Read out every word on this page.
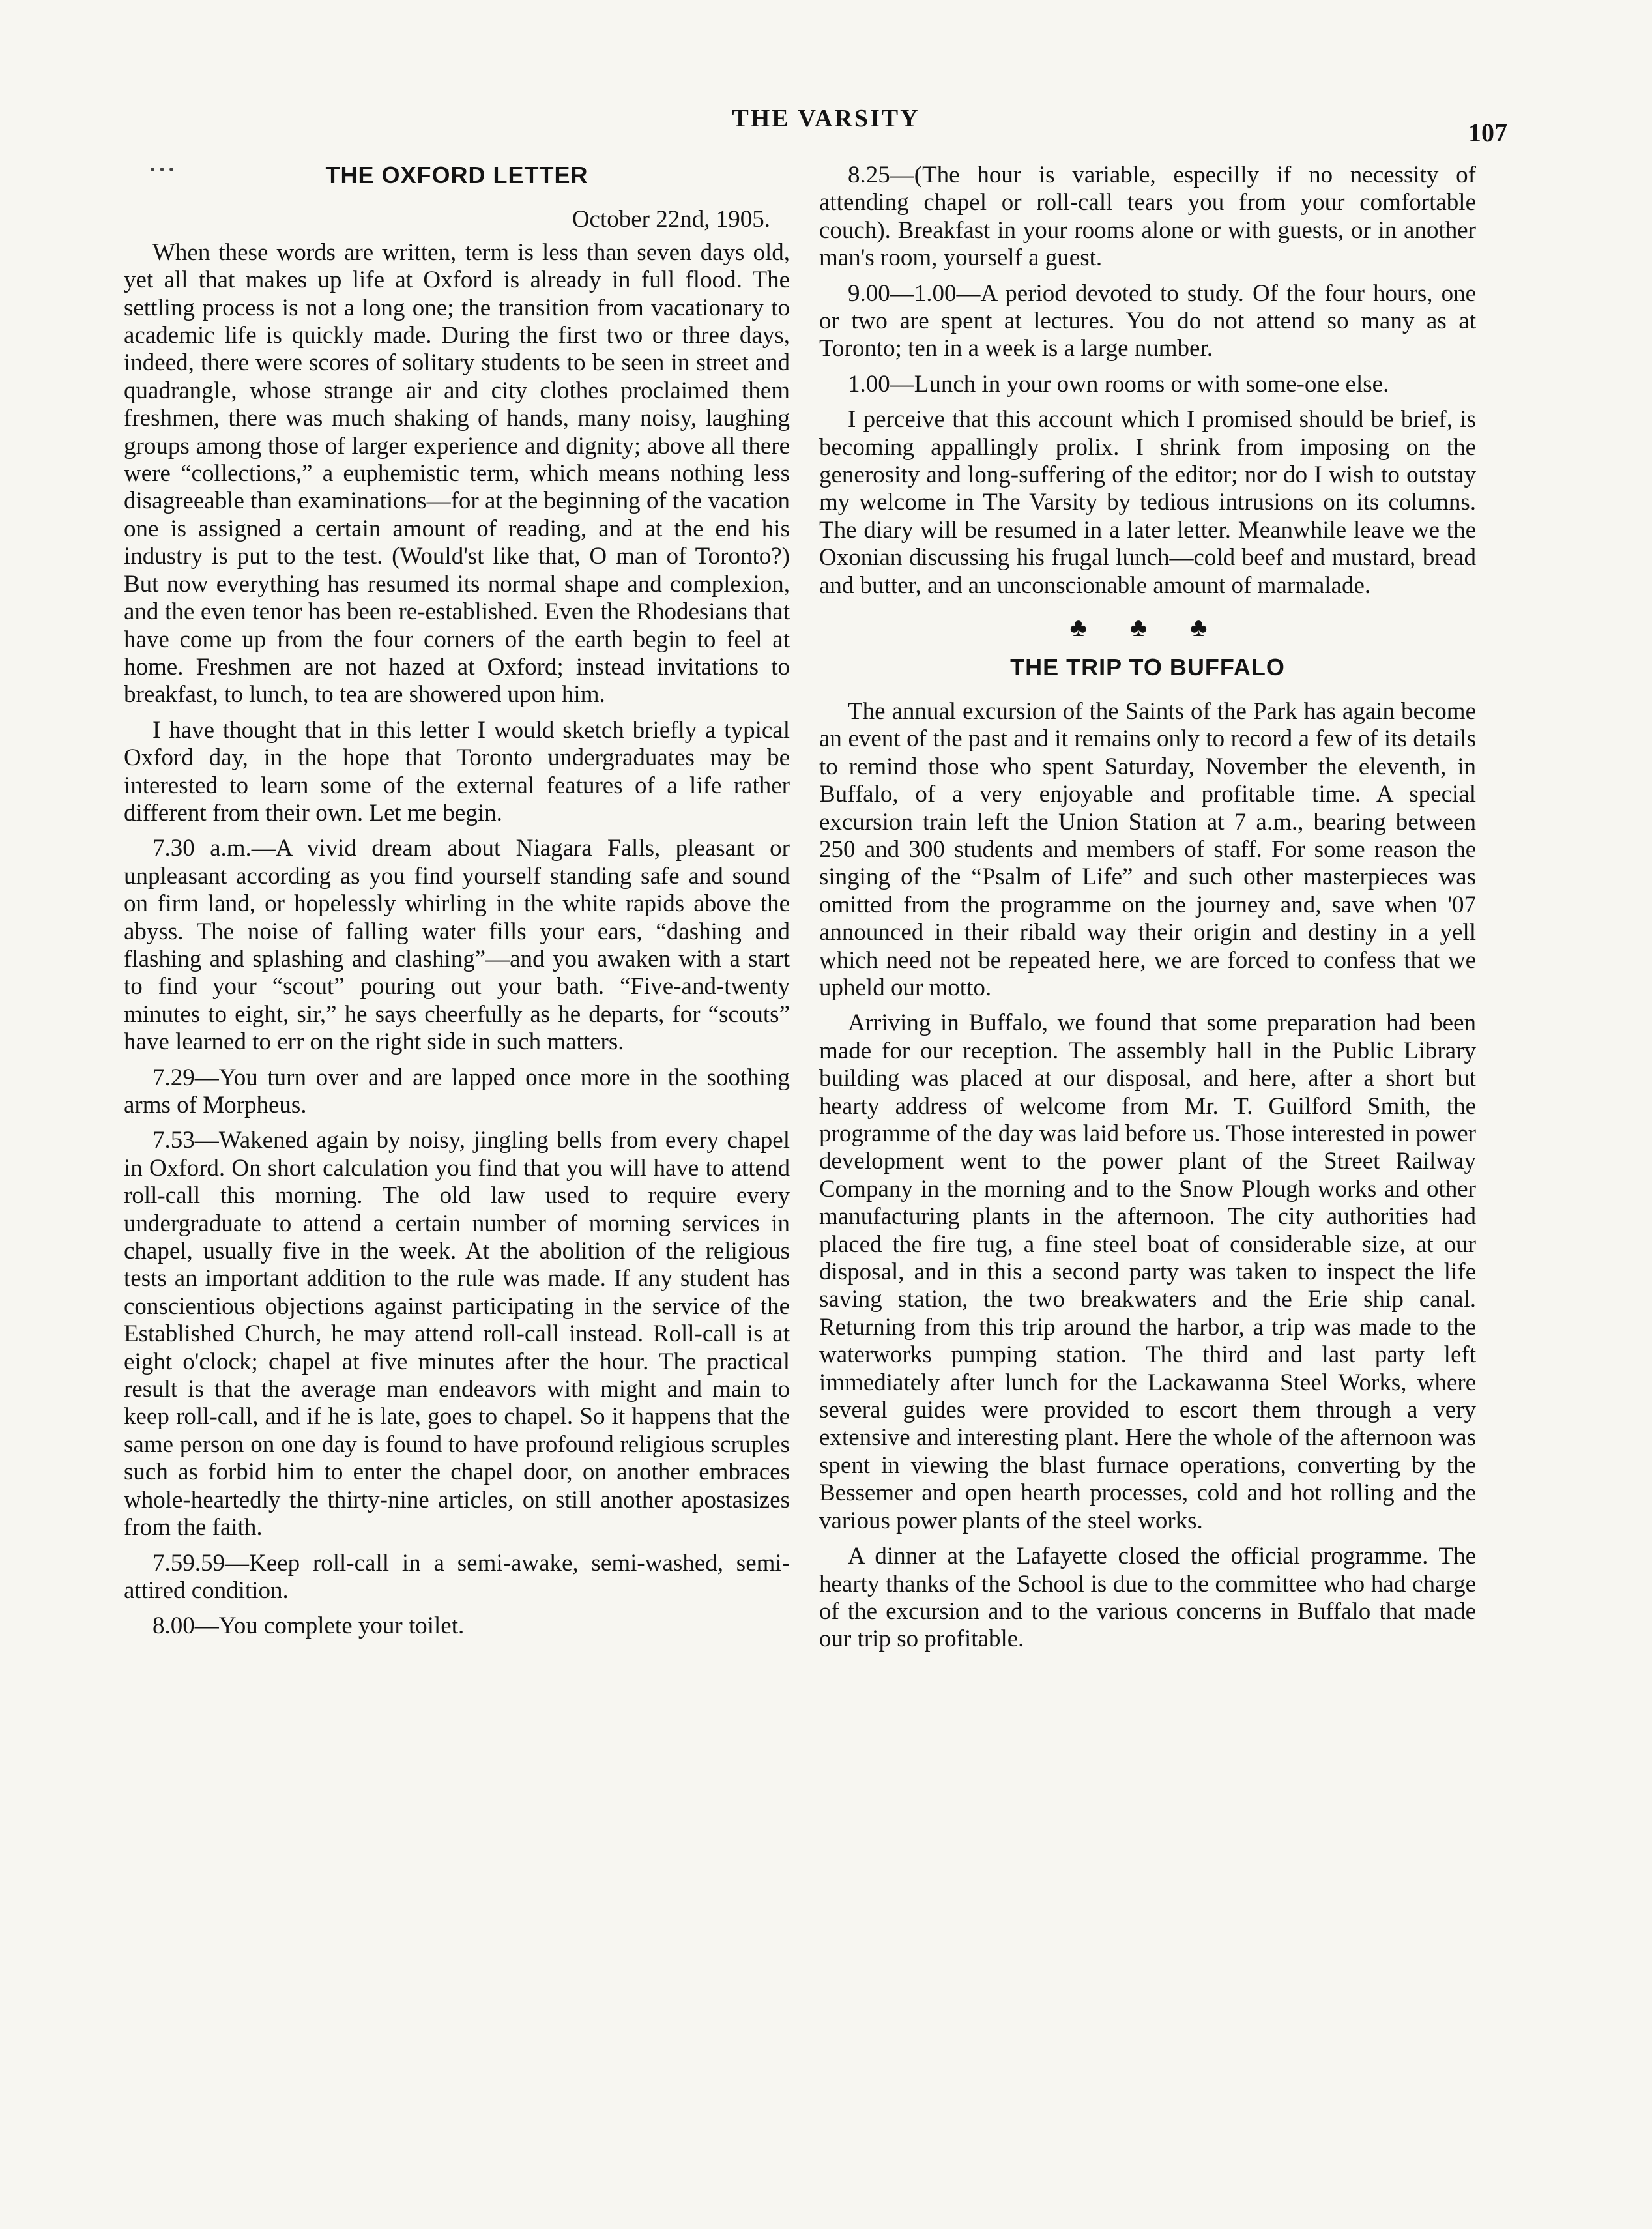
THE VARSITY	107
• • •	THE OXFORD LETTER
October 22nd, 1905.

When these words are written, term is less than seven days old, yet all that makes up life at Oxford is already in full flood. The settling process is not a long one; the transition from vacationary to academic life is quickly made. During the first two or three days, indeed, there were scores of solitary students to be seen in street and quadrangle, whose strange air and city clothes proclaimed them freshmen, there was much shaking of hands, many noisy, laughing groups among those of larger experience and dignity; above all there were “collections,” a euphemistic term, which means nothing less disagreeable than examinations—for at the beginning of the vacation one is assigned a certain amount of reading, and at the end his industry is put to the test. (Would'st like that, O man of Toronto?) But now everything has resumed its normal shape and complexion, and the even tenor has been re-established. Even the Rhodesians that have come up from the four corners of the earth begin to feel at home. Freshmen are not hazed at Oxford; instead invitations to breakfast, to lunch, to tea are showered upon him.

I have thought that in this letter I would sketch briefly a typical Oxford day, in the hope that Toronto undergraduates may be interested to learn some of the external features of a life rather different from their own. Let me begin.

7.30 a.m.—A vivid dream about Niagara Falls, pleasant or unpleasant according as you find yourself standing safe and sound on firm land, or hopelessly whirling in the white rapids above the abyss. The noise of falling water fills your ears, “dashing and flashing and splashing and clashing”—and you awaken with a start to find your “scout” pouring out your bath. “Five-and-twenty minutes to eight, sir,” he says cheerfully as he departs, for “scouts” have learned to err on the right side in such matters.

7.29—You turn over and are lapped once more in the soothing arms of Morpheus.

7.53—Wakened again by noisy, jingling bells from every chapel in Oxford. On short calculation you find that you will have to attend roll-call this morning. The old law used to require every undergraduate to attend a certain number of morning services in chapel, usually five in the week. At the abolition of the religious tests an important addition to the rule was made. If any student has conscientious objections against participating in the service of the Established Church, he may attend roll-call instead. Roll-call is at eight o'clock; chapel at five minutes after the hour. The practical result is that the average man endeavors with might and main to keep roll-call, and if he is late, goes to chapel. So it happens that the same person on one day is found to have profound religious scruples such as forbid him to enter the chapel door, on another embraces whole-heartedly the thirty-nine articles, on still another apostasizes from the faith.

7.59.59—Keep roll-call in a semi-awake, semi-washed, semi-attired condition.

8.00—You complete your toilet.

8.25—(The hour is variable, especilly if no necessity of attending chapel or roll-call tears you from your comfortable couch). Breakfast in your rooms alone or with guests, or in another man's room, yourself a guest.

9.00—1.00—A period devoted to study. Of the four hours, one or two are spent at lectures. You do not attend so many as at Toronto; ten in a week is a large number.

1.00—Lunch in your own rooms or with some-one else.

I perceive that this account which I promised should be brief, is becoming appallingly prolix. I shrink from imposing on the generosity and long-suffering of the editor; nor do I wish to outstay my welcome in The Varsity by tedious intrusions on its columns. The diary will be resumed in a later letter. Meanwhile leave we the Oxonian discussing his frugal lunch—cold beef and mustard, bread and butter, and an unconscionable amount of marmalade.

♣ ♣ ♣
THE TRIP TO BUFFALO

The annual excursion of the Saints of the Park has again become an event of the past and it remains only to record a few of its details to remind those who spent Saturday, November the eleventh, in Buffalo, of a very enjoyable and profitable time. A special excursion train left the Union Station at 7 a.m., bearing between 250 and 300 students and members of staff. For some reason the singing of the “Psalm of Life” and such other masterpieces was omitted from the programme on the journey and, save when '07 announced in their ribald way their origin and destiny in a yell which need not be repeated here, we are forced to confess that we upheld our motto.

Arriving in Buffalo, we found that some preparation had been made for our reception. The assembly hall in the Public Library building was placed at our disposal, and here, after a short but hearty address of welcome from Mr. T. Guilford Smith, the programme of the day was laid before us. Those interested in power development went to the power plant of the Street Railway Company in the morning and to the Snow Plough works and other manufacturing plants in the afternoon. The city authorities had placed the fire tug, a fine steel boat of considerable size, at our disposal, and in this a second party was taken to inspect the life saving station, the two breakwaters and the Erie ship canal. Returning from this trip around the harbor, a trip was made to the waterworks pumping station. The third and last party left immediately after lunch for the Lackawanna Steel Works, where several guides were provided to escort them through a very extensive and interesting plant. Here the whole of the afternoon was spent in viewing the blast furnace operations, converting by the Bessemer and open hearth processes, cold and hot rolling and the various power plants of the steel works.

A dinner at the Lafayette closed the official programme. The hearty thanks of the School is due to the committee who had charge of the excursion and to the various concerns in Buffalo that made our trip so profitable.
